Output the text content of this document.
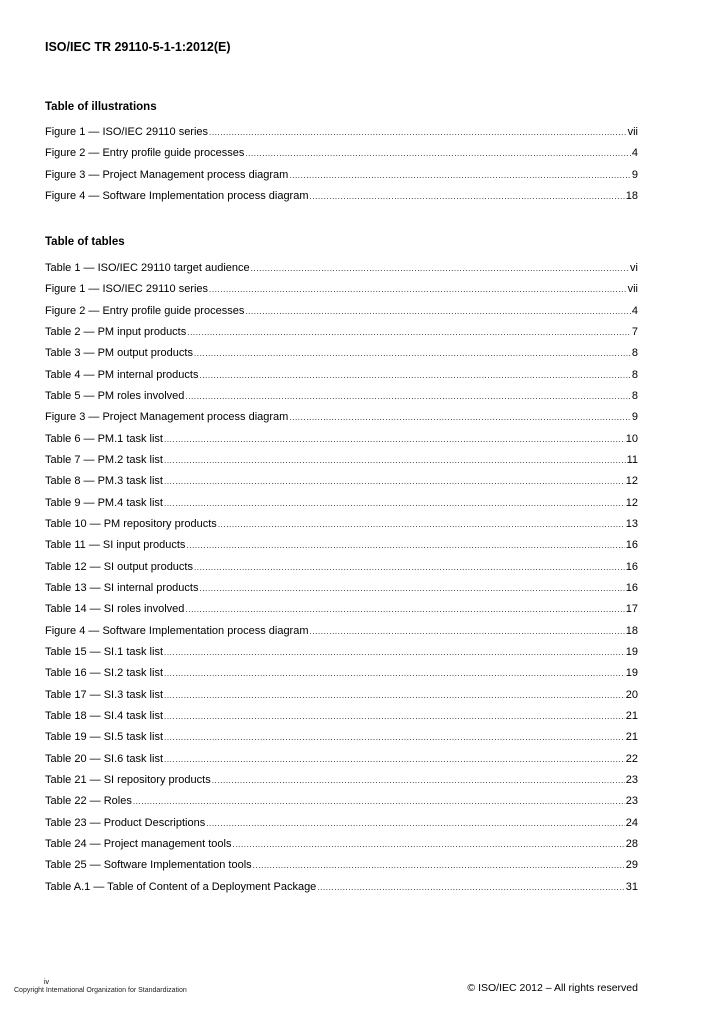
ISO/IEC TR 29110-5-1-1:2012(E)
Table of illustrations
Figure 1 — ISO/IEC 29110 series .....	vii
Figure 2 — Entry profile guide processes .....	4
Figure 3 — Project Management process diagram .....	9
Figure 4 — Software Implementation process diagram .....	18
Table of tables
Table 1 — ISO/IEC 29110 target audience .....	vi
Figure 1 — ISO/IEC 29110 series .....	vii
Figure 2 — Entry profile guide processes .....	4
Table 2 — PM input products .....	7
Table 3 — PM output products .....	8
Table 4 — PM internal products .....	8
Table 5 — PM roles involved .....	8
Figure 3 — Project Management process diagram .....	9
Table 6 — PM.1 task list .....	10
Table 7 — PM.2 task list .....	11
Table 8 — PM.3 task list .....	12
Table 9 — PM.4 task list .....	12
Table 10 — PM repository products .....	13
Table 11 — SI input products .....	16
Table 12 — SI output products .....	16
Table 13 — SI internal products .....	16
Table 14 — SI roles involved .....	17
Figure 4 — Software Implementation process diagram .....	18
Table 15 — SI.1 task list .....	19
Table 16 — SI.2 task list .....	19
Table 17 — SI.3 task list .....	20
Table 18 — SI.4 task list .....	21
Table 19 — SI.5 task list .....	21
Table 20 — SI.6 task list .....	22
Table 21 — SI repository products .....	23
Table 22 — Roles .....	23
Table 23 — Product Descriptions .....	24
Table 24 — Project management tools .....	28
Table 25 — Software Implementation tools .....	29
Table A.1 — Table of Content of a Deployment Package .....	31
iv
Copyright International Organization for Standardization	© ISO/IEC 2012 – All rights reserved
